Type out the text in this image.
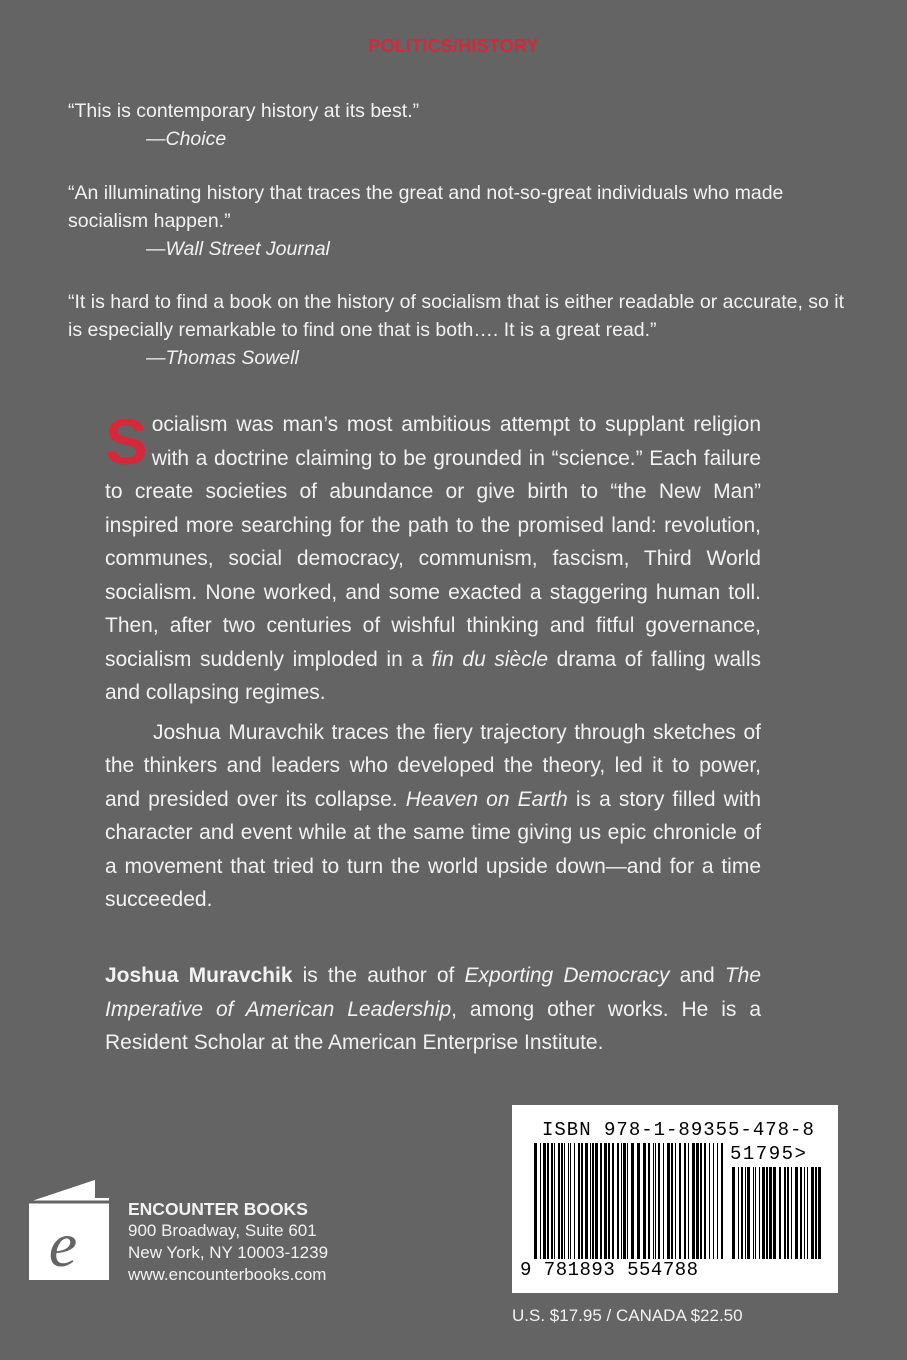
POLITICS/HISTORY
“This is contemporary history at its best.”
—Choice
“An illuminating history that traces the great and not-so-great individuals who made socialism happen.”
—Wall Street Journal
“It is hard to find a book on the history of socialism that is either readable or accurate, so it is especially remarkable to find one that is both…. It is a great read.”
—Thomas Sowell

Socialism was man’s most ambitious attempt to supplant religion with a doctrine claiming to be grounded in “science.” Each failure to create societies of abundance or give birth to “the New Man” inspired more searching for the path to the promised land: revolution, communes, social democracy, communism, fascism, Third World socialism. None worked, and some exacted a staggering human toll. Then, after two centuries of wishful thinking and fitful governance, socialism suddenly imploded in a fin du siècle drama of falling walls and collapsing regimes.

Joshua Muravchik traces the fiery trajectory through sketches of the thinkers and leaders who developed the theory, led it to power, and presided over its collapse. Heaven on Earth is a story filled with character and event while at the same time giving us epic chronicle of a movement that tried to turn the world upside down—and for a time succeeded.

Joshua Muravchik is the author of Exporting Democracy and The Imperative of American Leadership, among other works. He is a Resident Scholar at the American Enterprise Institute.
e	ENCOUNTER BOOKS
900 Broadway, Suite 601
New York, NY 10003-1239
www.encounterbooks.com
ISBN 978-1-89355-478-8
51795>
9 781893 554788
U.S. $17.95 / CANADA $22.50
